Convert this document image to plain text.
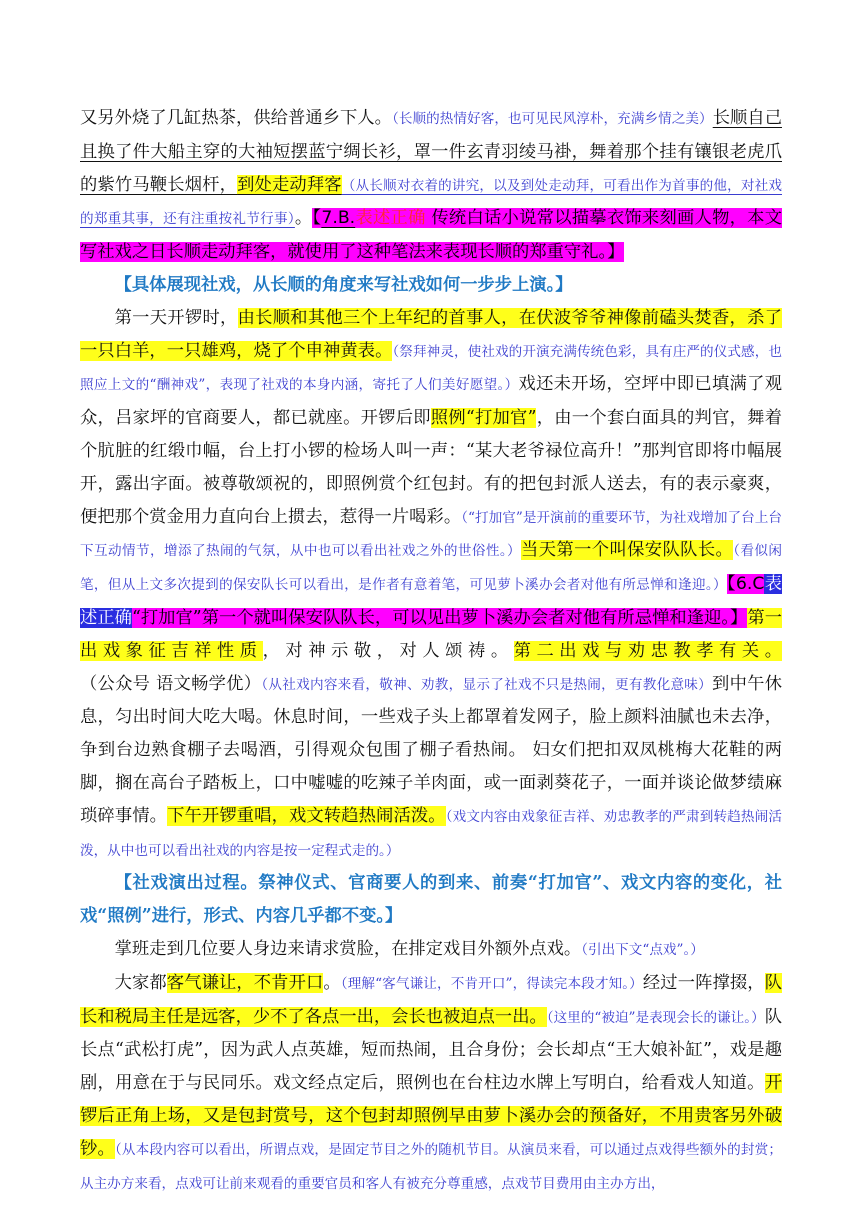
又另外烧了几缸热茶，供给普通乡下人。（长顺的热情好客，也可见民风淳朴，充满乡情之美）长顺自己且换了件大船主穿的大袖短摆蓝宁绸长衫，罩一件玄青羽绫马褂，舞着那个挂有镶银老虎爪的紫竹马鞭长烟杆，到处走动拜客（从长顺对衣着的讲究，以及到处走动拜，可看出作为首事的他，对社戏的郑重其事，还有注重按礼节行事）。【7.B.表述正确 传统白话小说常以描摹衣饰来刻画人物，本文写社戏之日长顺走动拜客，就使用了这种笔法来表现长顺的郑重守礼。】

【具体展现社戏，从长顺的角度来写社戏如何一步步上演。】

第一天开锣时，由长顺和其他三个上年纪的首事人，在伏波爷爷神像前磕头焚香，杀了一只白羊，一只雄鸡，烧了个申神黄表。（祭拜神灵，使社戏的开演充满传统色彩，具有庄严的仪式感，也照应上文的“酬神戏”，表现了社戏的本身内涵，寄托了人们美好愿望。）戏还未开场，空坪中即已填满了观众，吕家坪的官商要人，都已就座。开锣后即照例“打加官”，由一个套白面具的判官，舞着个肮脏的红缎巾幅，台上打小锣的检场人叫一声：“某大老爷禄位高升！”那判官即将巾幅展开，露出字面。被尊敬颂祝的，即照例赏个红包封。有的把包封派人送去，有的表示豪爽，便把那个赏金用力直向台上掼去，惹得一片喝彩。（“打加官”是开演前的重要环节，为社戏增加了台上台下互动情节，增添了热闹的气氛，从中也可以看出社戏之外的世俗性。）当天第一个叫保安队队长。（看似闲笔，但从上文多次提到的保安队长可以看出，是作者有意着笔，可见萝卜溪办会者对他有所忌惮和逢迎。）【6.C表述正确“打加官”第一个就叫保安队队长，可以见出萝卜溪办会者对他有所忌惮和逢迎。】第一出戏象征吉祥性质，对神示敬，对人颂祷。第二出戏与劝忠教孝有关。（公众号 语文畅学优）（从社戏内容来看，敬神、劝教，显示了社戏不只是热闹，更有教化意味）到中午休息，匀出时间大吃大喝。休息时间，一些戏子头上都罩着发网子，脸上颜料油腻也未去净，争到台边熟食棚子去喝酒，引得观众包围了棚子看热闹。 妇女们把扣双凤桃梅大花鞋的两脚，搁在高台子踏板上，口中嘘嘘的吃辣子羊肉面，或一面剥葵花子，一面并谈论做梦绩麻琐碎事情。下午开锣重唱，戏文转趋热闹活泼。（戏文内容由戏象征吉祥、劝忠教孝的严肃到转趋热闹活泼，从中也可以看出社戏的内容是按一定程式走的。）

【社戏演出过程。祭神仪式、官商要人的到来、前奏“打加官”、戏文内容的变化，社戏“照例”进行，形式、内容几乎都不变。】

掌班走到几位要人身边来请求赏脸，在排定戏目外额外点戏。（引出下文“点戏”。）

大家都客气谦让，不肯开口。（理解“客气谦让，不肯开口”，得读完本段才知。）经过一阵撑掇，队长和税局主任是远客，少不了各点一出，会长也被迫点一出。（这里的“被迫”是表现会长的谦让。）队长点“武松打虎”，因为武人点英雄，短而热闹，且合身份；会长却点“王大娘补缸”，戏是趣剧，用意在于与民同乐。戏文经点定后，照例也在台柱边水牌上写明白，给看戏人知道。开锣后正角上场，又是包封赏号，这个包封却照例早由萝卜溪办会的预备好，不用贵客另外破钞。（从本段内容可以看出，所谓点戏，是固定节目之外的随机节目。从演员来看，可以通过点戏得些额外的封赏；从主办方来看，点戏可让前来观看的重要官员和客人有被充分尊重感，点戏节目费用由主办方出，
